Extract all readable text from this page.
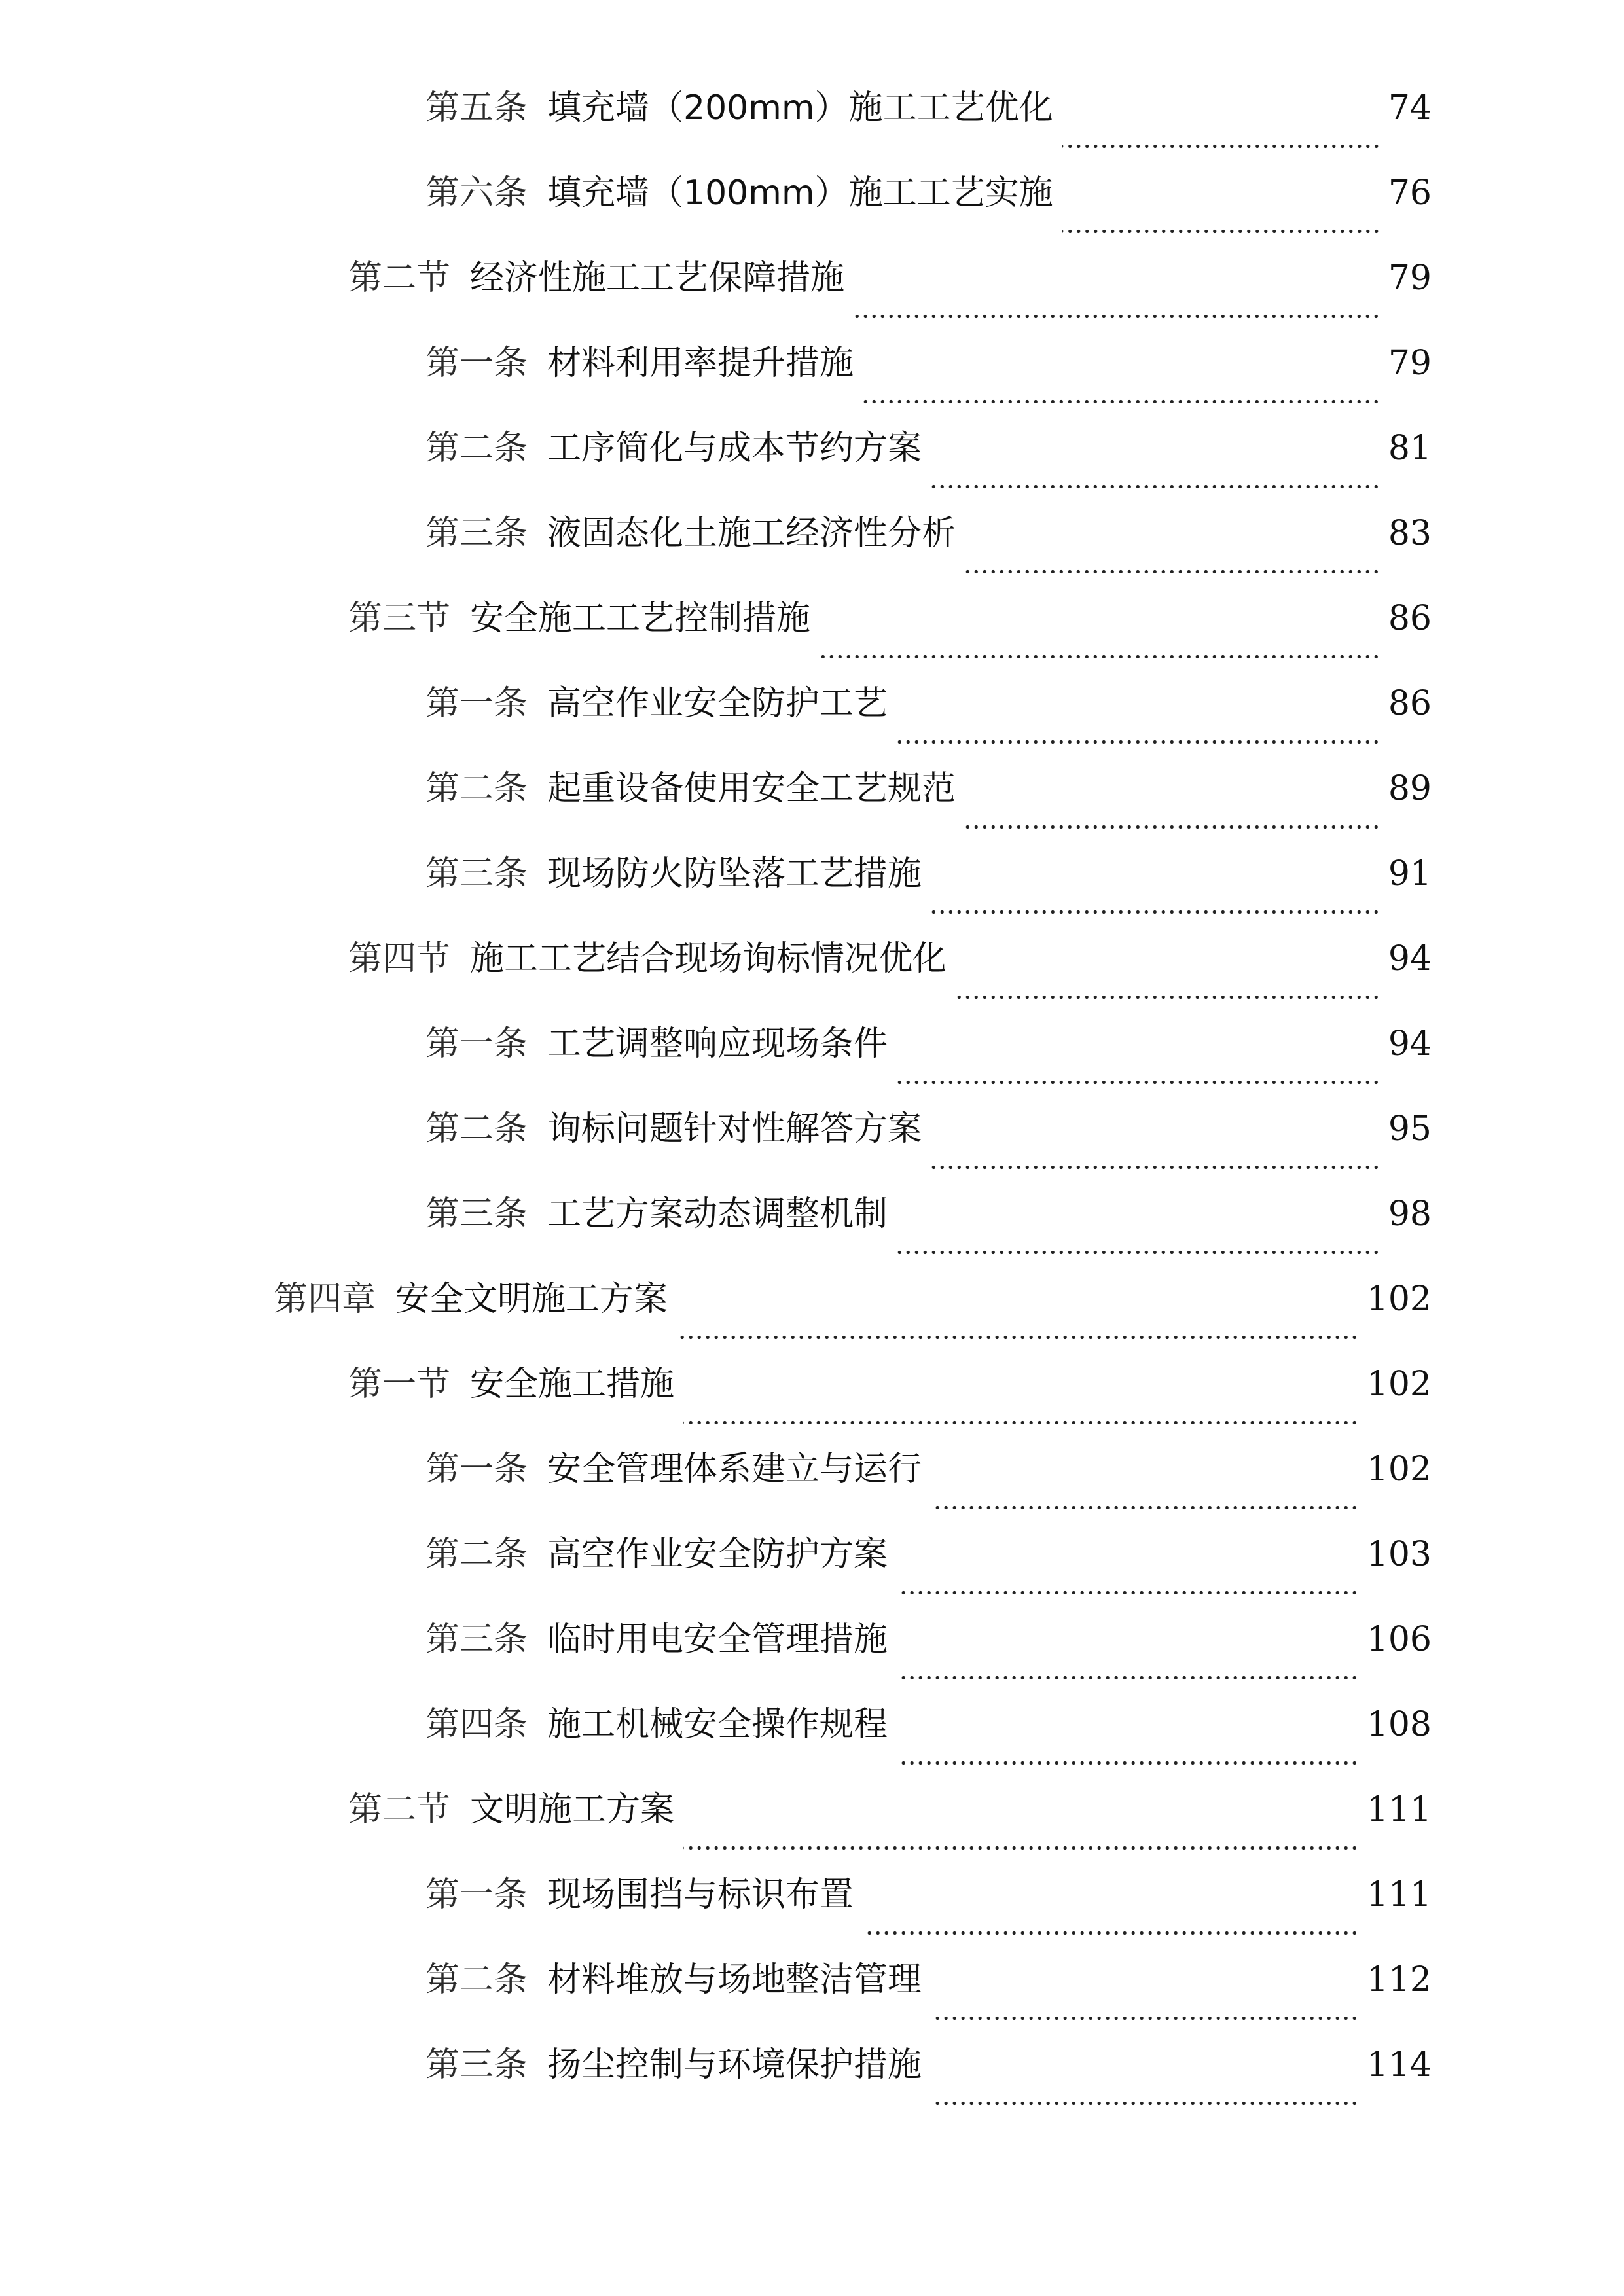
第五条 填充墙（200mm）施工工艺优化	74
第六条 填充墙（100mm）施工工艺实施	76
第二节 经济性施工工艺保障措施	79
第一条 材料利用率提升措施	79
第二条 工序简化与成本节约方案	81
第三条 液固态化土施工经济性分析	83
第三节 安全施工工艺控制措施	86
第一条 高空作业安全防护工艺	86
第二条 起重设备使用安全工艺规范	89
第三条 现场防火防坠落工艺措施	91
第四节 施工工艺结合现场询标情况优化	94
第一条 工艺调整响应现场条件	94
第二条 询标问题针对性解答方案	95
第三条 工艺方案动态调整机制	98
第四章 安全文明施工方案	102
第一节 安全施工措施	102
第一条 安全管理体系建立与运行	102
第二条 高空作业安全防护方案	103
第三条 临时用电安全管理措施	106
第四条 施工机械安全操作规程	108
第二节 文明施工方案	111
第一条 现场围挡与标识布置	111
第二条 材料堆放与场地整洁管理	112
第三条 扬尘控制与环境保护措施	114
